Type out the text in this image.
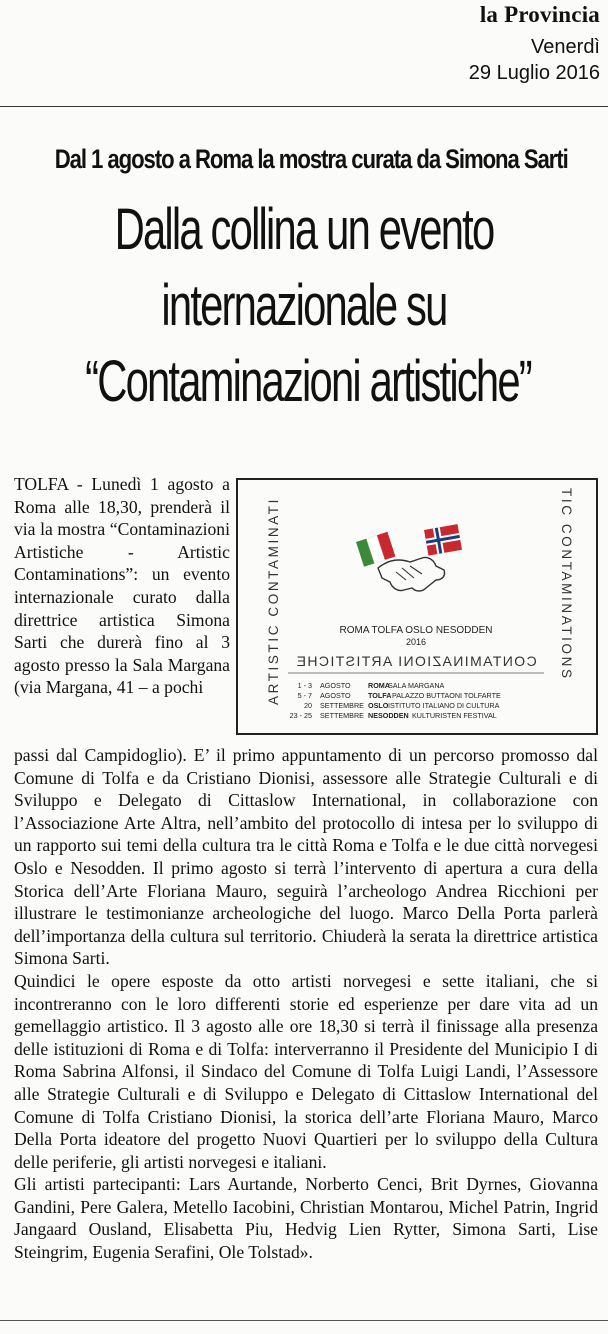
la Provincia
Venerdì
29 Luglio 2016
Dal 1 agosto a Roma la mostra curata da Simona Sarti
Dalla collina un evento
internazionale su
“Contaminazioni artistiche”

TOLFA - Lunedì 1 agosto a Roma alle 18,30, prenderà il via la mostra “Contaminazioni Artistiche - Artistic Contaminations”: un evento internazionale curato dalla direttrice artistica Simona Sarti che durerà fino al 3 agosto presso la Sala Margana (via Margana, 41 – a pochi	ARTISTIC CONTAMINATI	TIC CONTAMINATIONS
ROMA TOLFA OSLO NESODDEN
2016
CONTAMINAZIONI ARTISTICHE
1 - 3 AGOSTO ROMA
SALA MARGANA
5 - 7 AGOSTO TOLFA PALAZZO BUTTAONI TOLFARTE
20 SETTEMBRE OSLO ISTITUTO ITALIANO DI CULTURA
23 - 25 SETTEMBRE NESODDEN KULTURISTEN FESTIVAL

passi dal Campidoglio). E’ il primo appuntamento di un percorso promosso dal Comune di Tolfa e da Cristiano Dionisi, assessore alle Strategie Culturali e di Sviluppo e Delegato di Cittaslow International, in collaborazione con l’Associazione Arte Altra, nell’ambito del protocollo di intesa per lo sviluppo di un rapporto sui temi della cultura tra le città Roma e Tolfa e le due città norvegesi Oslo e Nesodden. Il primo agosto si terrà l’intervento di apertura a cura della Storica dell’Arte Floriana Mauro, seguirà l’archeologo Andrea Ricchioni per illustrare le testimonianze archeologiche del luogo. Marco Della Porta parlerà dell’importanza della cultura sul territorio. Chiuderà la serata la direttrice artistica Simona Sarti.

Quindici le opere esposte da otto artisti norvegesi e sette italiani, che si incontreranno con le loro differenti storie ed esperienze per dare vita ad un gemellaggio artistico. Il 3 agosto alle ore 18,30 si terrà il finissage alla presenza delle istituzioni di Roma e di Tolfa: interverranno il Presidente del Municipio I di Roma Sabrina Alfonsi, il Sindaco del Comune di Tolfa Luigi Landi, l’Assessore alle Strategie Culturali e di Sviluppo e Delegato di Cittaslow International del Comune di Tolfa Cristiano Dionisi, la storica dell’arte Floriana Mauro, Marco Della Porta ideatore del progetto Nuovi Quartieri per lo sviluppo della Cultura delle periferie, gli artisti norvegesi e italiani.

Gli artisti partecipanti: Lars Aurtande, Norberto Cenci, Brit Dyrnes, Giovanna Gandini, Pere Galera, Metello Iacobini, Christian Montarou, Michel Patrin, Ingrid Jangaard Ousland, Elisabetta Piu, Hedvig Lien Rytter, Simona Sarti, Lise Steingrim, Eugenia Serafini, Ole Tolstad».
